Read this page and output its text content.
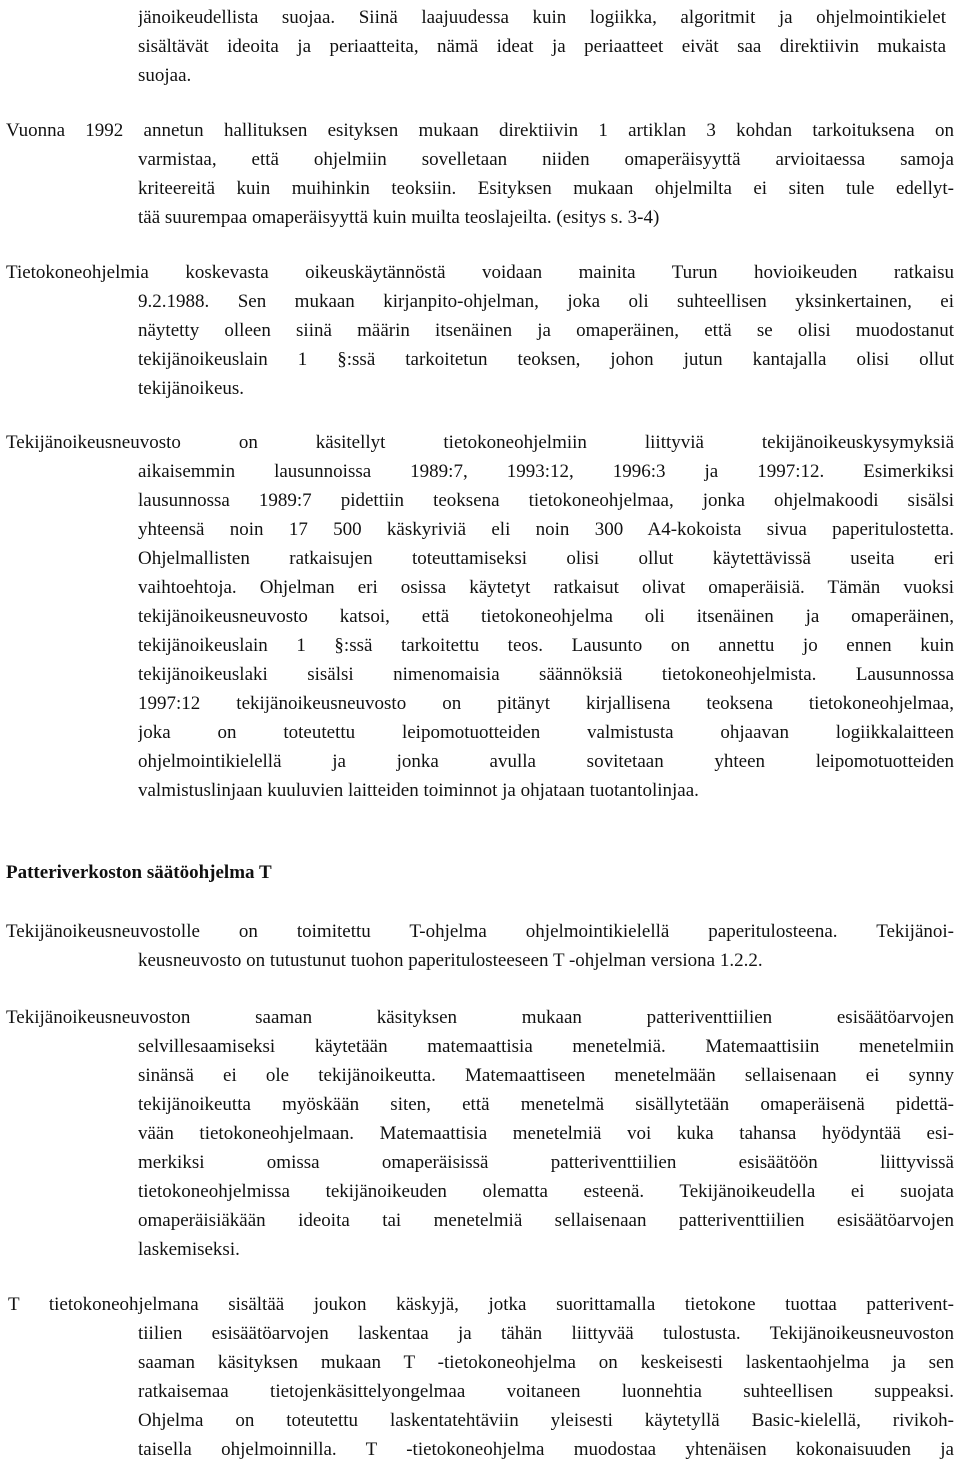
jänoikeudellista suojaa. Siinä laajuudessa kuin logiikka, algoritmit ja ohjelmointikielet
sisältävät ideoita ja periaatteita, nämä ideat ja periaatteet eivät saa direktiivin mukaista
suojaa.
Vuonna 1992 annetun hallituksen esityksen mukaan direktiivin 1 artiklan 3 kohdan tarkoituksena on
varmistaa, että ohjelmiin sovelletaan niiden omaperäisyyttä arvioitaessa samoja
kriteereitä kuin muihinkin teoksiin. Esityksen mukaan ohjelmilta ei siten tule edellyt-
tää suurempaa omaperäisyyttä kuin muilta teoslajeilta. (esitys s. 3-4)
Tietokoneohjelmia koskevasta oikeuskäytännöstä voidaan mainita Turun hovioikeuden ratkaisu
9.2.1988. Sen mukaan kirjanpito-ohjelman, joka oli suhteellisen yksinkertainen, ei
näytetty olleen siinä määrin itsenäinen ja omaperäinen, että se olisi muodostanut
tekijänoikeuslain 1 §:ssä tarkoitetun teoksen, johon jutun kantajalla olisi ollut
tekijänoikeus.
Tekijänoikeusneuvosto on käsitellyt tietokoneohjelmiin liittyviä tekijänoikeuskysymyksiä
aikaisemmin lausunnoissa 1989:7, 1993:12, 1996:3 ja 1997:12. Esimerkiksi
lausunnossa 1989:7 pidettiin teoksena tietokoneohjelmaa, jonka ohjelmakoodi sisälsi
yhteensä noin 17 500 käskyriviä eli noin 300 A4-kokoista sivua paperitulostetta.
Ohjelmallisten ratkaisujen toteuttamiseksi olisi ollut käytettävissä useita eri
vaihtoehtoja. Ohjelman eri osissa käytetyt ratkaisut olivat omaperäisiä. Tämän vuoksi
tekijänoikeusneuvosto katsoi, että tietokoneohjelma oli itsenäinen ja omaperäinen,
tekijänoikeuslain 1 §:ssä tarkoitettu teos. Lausunto on annettu jo ennen kuin
tekijänoikeuslaki sisälsi nimenomaisia säännöksiä tietokoneohjelmista. Lausunnossa
1997:12 tekijänoikeusneuvosto on pitänyt kirjallisena teoksena tietokoneohjelmaa,
joka on toteutettu leipomotuotteiden valmistusta ohjaavan logiikkalaitteen
ohjelmointikielellä ja jonka avulla sovitetaan yhteen leipomotuotteiden
valmistuslinjaan kuuluvien laitteiden toiminnot ja ohjataan tuotantolinjaa.
Patteriverkoston säätöohjelma T
Tekijänoikeusneuvostolle on toimitettu T-ohjelma ohjelmointikielellä paperitulosteena. Tekijänoi-
keusneuvosto on tutustunut tuohon paperitulosteeseen T -ohjelman versiona 1.2.2.
Tekijänoikeusneuvoston saaman käsityksen mukaan patteriventtiilien esisäätöarvojen
selvillesaamiseksi käytetään matemaattisia menetelmiä. Matemaattisiin menetelmiin
sinänsä ei ole tekijänoikeutta. Matemaattiseen menetelmään sellaisenaan ei synny
tekijänoikeutta myöskään siten, että menetelmä sisällytetään omaperäisenä pidettä-
vään tietokoneohjelmaan. Matemaattisia menetelmiä voi kuka tahansa hyödyntää esi-
merkiksi omissa omaperäisissä patteriventtiilien esisäätöön liittyvissä
tietokoneohjelmissa tekijänoikeuden olematta esteenä. Tekijänoikeudella ei suojata
omaperäisiäkään ideoita tai menetelmiä sellaisenaan patteriventtiilien esisäätöarvojen
laskemiseksi.
T tietokoneohjelmana sisältää joukon käskyjä, jotka suorittamalla tietokone tuottaa patterivent-
tiilien esisäätöarvojen laskentaa ja tähän liittyvää tulostusta. Tekijänoikeusneuvoston
saaman käsityksen mukaan T -tietokoneohjelma on keskeisesti laskentaohjelma ja sen
ratkaisemaa tietojenkäsittelyongelmaa voitaneen luonnehtia suhteellisen suppeaksi.
Ohjelma on toteutettu laskentatehtäviin yleisesti käytetyllä Basic-kielellä, rivikoh-
taisella ohjelmoinnilla. T -tietokoneohjelma muodostaa yhtenäisen kokonaisuuden ja
